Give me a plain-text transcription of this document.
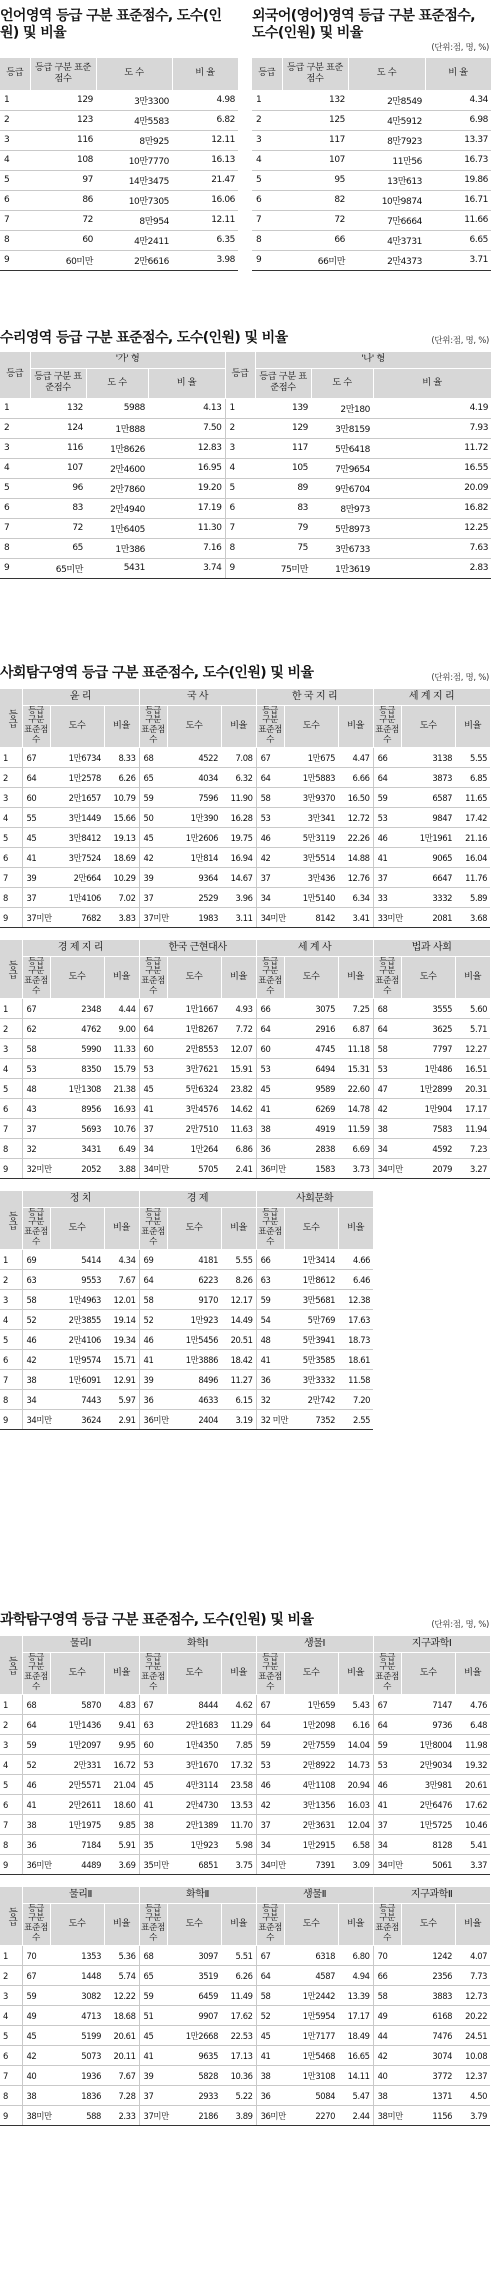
언어영역 등급 구분 표준점수, 도수(인원) 및 비율
등급	등급 구분 표준점수	도 수	비 율
1	129	3만3300	4.98
2	123	4만5583	6.82
3	116	8만925	12.11
4	108	10만7770	16.13
5	97	14만3475	21.47
6	86	10만7305	16.06
7	72	8만954	12.11
8	60	4만2411	6.35
9	60미만	2만6616	3.98
외국어(영어)영역 등급 구분 표준점수, 도수(인원) 및 비율
(단위:점, 명, %)
등급	등급 구분 표준점수	도 수	비 율
1	132	2만8549	4.34
2	125	4만5912	6.98
3	117	8만7923	13.37
4	107	11만56	16.73
5	95	13만613	19.86
6	82	10만9874	16.71
7	72	7만6664	11.66
8	66	4만3731	6.65
9	66미만	2만4373	3.71
수리영역 등급 구분 표준점수, 도수(인원) 및 비율	(단위:점, 명, %)
등급	'가' 형			등급	'나' 형		
	등급 구분 표준점수	도 수	비 율		등급 구분 표준점수	도 수	비 율
1	132	5988	4.13	1	139	2만180	4.19
2	124	1만888	7.50	2	129	3만8159	7.93
3	116	1만8626	12.83	3	117	5만6418	11.72
4	107	2만4600	16.95	4	105	7만9654	16.55
5	96	2만7860	19.20	5	89	9만6704	20.09
6	83	2만4940	17.19	6	83	8만973	16.82
7	72	1만6405	11.30	7	79	5만8973	12.25
8	65	1만386	7.16	8	75	3만6733	7.63
9	65미만	5431	3.74	9	75미만	1만3619	2.83
사회탐구영역 등급 구분 표준점수, 도수(인원) 및 비율	(단위:점, 명, %)
등급	윤 리			국 사			한 국 지 리			세 계 지 리		
	등급 구분 표준점수	도수	비율	등급 구분 표준점수	도수	비율	등급 구분 표준점수	도수	비율	등급 구분 표준점수	도수	비율
1	67	1만6734	8.33	68	4522	7.08	67	1만675	4.47	66	3138	5.55
2	64	1만2578	6.26	65	4034	6.32	64	1만5883	6.66	64	3873	6.85
3	60	2만1657	10.79	59	7596	11.90	58	3만9370	16.50	59	6587	11.65
4	55	3만1449	15.66	50	1만390	16.28	53	3만341	12.72	53	9847	17.42
5	45	3만8412	19.13	45	1만2606	19.75	46	5만3119	22.26	46	1만1961	21.16
6	41	3만7524	18.69	42	1만814	16.94	42	3만5514	14.88	41	9065	16.04
7	39	2만664	10.29	39	9364	14.67	37	3만436	12.76	37	6647	11.76
8	37	1만4106	7.02	37	2529	3.96	34	1만5140	6.34	33	3332	5.89
9	37미만	7682	3.83	37미만	1983	3.11	34미만	8142	3.41	33미만	2081	3.68
등급	경 제 지 리			한국 근현대사			세 계 사			법과 사회		
	등급 구분 표준점수	도수	비율	등급 구분 표준점수	도수	비율	등급 구분 표준점수	도수	비율	등급 구분 표준점수	도수	비율
1	67	2348	4.44	67	1만1667	4.93	66	3075	7.25	68	3555	5.60
2	62	4762	9.00	64	1만8267	7.72	64	2916	6.87	64	3625	5.71
3	58	5990	11.33	60	2만8553	12.07	60	4745	11.18	58	7797	12.27
4	53	8350	15.79	53	3만7621	15.91	53	6494	15.31	53	1만486	16.51
5	48	1만1308	21.38	45	5만6324	23.82	45	9589	22.60	47	1만2899	20.31
6	43	8956	16.93	41	3만4576	14.62	41	6269	14.78	42	1만904	17.17
7	37	5693	10.76	37	2만7510	11.63	38	4919	11.59	38	7583	11.94
8	32	3431	6.49	34	1만264	6.86	36	2838	6.69	34	4592	7.23
9	32미만	2052	3.88	34미만	5705	2.41	36미만	1583	3.73	34미만	2079	3.27
등급	정 치			경 제			사회문화		
	등급 구분 표준점수	도수	비율	등급 구분 표준점수	도수	비율	등급 구분 표준점수	도수	비율
1	69	5414	4.34	69	4181	5.55	66	1만3414	4.66
2	63	9553	7.67	64	6223	8.26	63	1만8612	6.46
3	58	1만4963	12.01	58	9170	12.17	59	3만5681	12.38
4	52	2만3855	19.14	52	1만923	14.49	54	5만769	17.63
5	46	2만4106	19.34	46	1만5456	20.51	48	5만3941	18.73
6	42	1만9574	15.71	41	1만3886	18.42	41	5만3585	18.61
7	38	1만6091	12.91	39	8496	11.27	36	3만3332	11.58
8	34	7443	5.97	36	4633	6.15	32	2만742	7.20
9	34미만	3624	2.91	36미만	2404	3.19	32 미만	7352	2.55
과학탐구영역 등급 구분 표준점수, 도수(인원) 및 비율	(단위:점, 명, %)
등급	물리Ⅰ			화학Ⅰ			생물Ⅰ			지구과학Ⅰ		
	등급 구분 표준점수	도수	비율	등급 구분 표준점수	도수	비율	등급 구분 표준점수	도수	비율	등급 구분 표준점수	도수	비율
1	68	5870	4.83	67	8444	4.62	67	1만659	5.43	67	7147	4.76
2	64	1만1436	9.41	63	2만1683	11.29	64	1만2098	6.16	64	9736	6.48
3	59	1만2097	9.95	60	1만4350	7.85	59	2만7559	14.04	59	1만8004	11.98
4	52	2만331	16.72	53	3만1670	17.32	53	2만8922	14.73	53	2만9034	19.32
5	46	2만5571	21.04	45	4만3114	23.58	46	4만1108	20.94	46	3만981	20.61
6	41	2만2611	18.60	41	2만4730	13.53	42	3만1356	16.03	41	2만6476	17.62
7	38	1만1975	9.85	38	2만1389	11.70	37	2만3631	12.04	37	1만5725	10.46
8	36	7184	5.91	35	1만923	5.98	34	1만2915	6.58	34	8128	5.41
9	36미만	4489	3.69	35미만	6851	3.75	34미만	7391	3.09	34미만	5061	3.37
등급	물리Ⅱ			화학Ⅱ			생물Ⅱ			지구과학Ⅱ		
	등급 구분 표준점수	도수	비율	등급 구분 표준점수	도수	비율	등급 구분 표준점수	도수	비율	등급 구분 표준점수	도수	비율
1	70	1353	5.36	68	3097	5.51	67	6318	6.80	70	1242	4.07
2	67	1448	5.74	65	3519	6.26	64	4587	4.94	66	2356	7.73
3	59	3082	12.22	59	6459	11.49	58	1만2442	13.39	58	3883	12.73
4	49	4713	18.68	51	9907	17.62	52	1만5954	17.17	49	6168	20.22
5	45	5199	20.61	45	1만2668	22.53	45	1만7177	18.49	44	7476	24.51
6	42	5073	20.11	41	9635	17.13	41	1만5468	16.65	42	3074	10.08
7	40	1936	7.67	39	5828	10.36	38	1만3108	14.11	40	3772	12.37
8	38	1836	7.28	37	2933	5.22	36	5084	5.47	38	1371	4.50
9	38미만	588	2.33	37미만	2186	3.89	36미만	2270	2.44	38미만	1156	3.79
